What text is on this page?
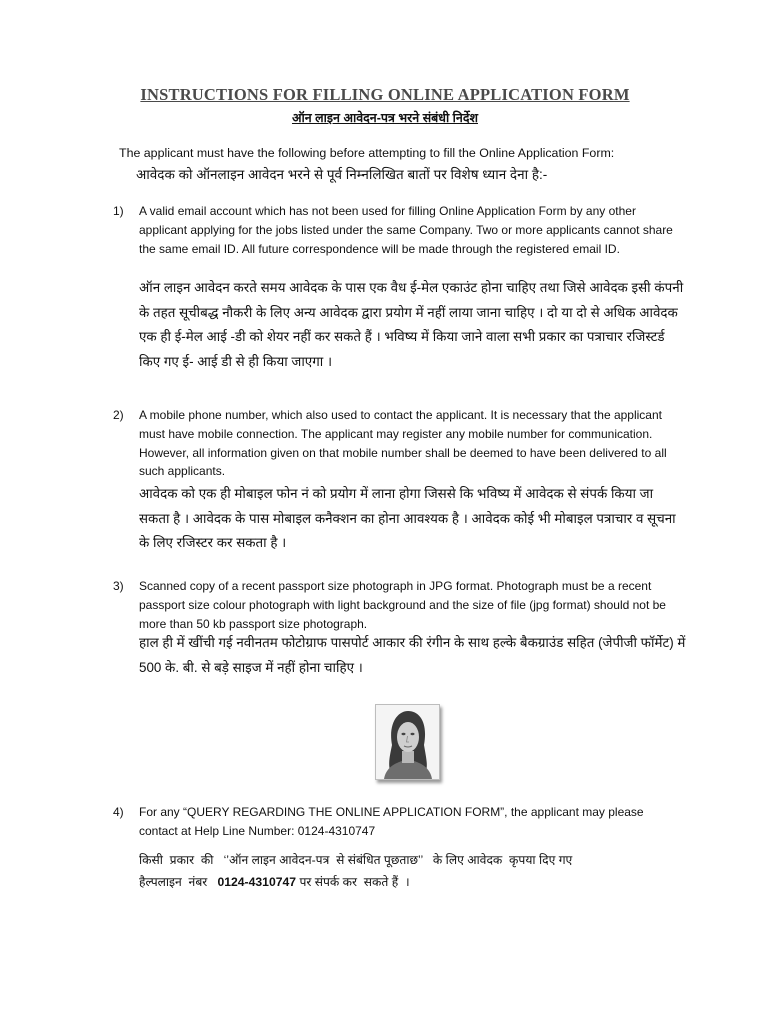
INSTRUCTIONS FOR FILLING ONLINE APPLICATION FORM
ऑन लाइन आवेदन-पत्र भरने संबंधी निर्देश
The applicant must have the following before attempting to fill the Online Application Form:
आवेदक को ऑनलाइन आवेदन भरने से पूर्व निम्नलिखित बातों पर विशेष ध्यान देना है:-
1) A valid email account which has not been used for filling Online Application Form by any other applicant applying for the jobs listed under the same Company. Two or more applicants cannot share the same email ID. All future correspondence will be made through the registered email ID.
ऑन लाइन आवेदन करते समय आवेदक के पास एक वैध ई-मेल एकाउंट होना चाहिए तथा जिसे आवेदक इसी कंपनी के तहत सूचीबद्ध नौकरी के लिए अन्य आवेदक द्वारा प्रयोग में नहीं लाया जाना चाहिए । दो या दो से अधिक आवेदक एक ही ई-मेल आई -डी को शेयर नहीं कर सकते हैं । भविष्य में किया जाने वाला सभी प्रकार का पत्राचार रजिस्टर्ड किए गए ई- आई डी से ही किया जाएगा ।
2) A mobile phone number, which also used to contact the applicant. It is necessary that the applicant must have mobile connection. The applicant may register any mobile number for communication. However, all information given on that mobile number shall be deemed to have been delivered to all such applicants.
आवेदक को एक ही मोबाइल फोन नं को प्रयोग में लाना होगा जिससे कि भविष्य में आवेदक से संपर्क किया जा सकता है । आवेदक के पास मोबाइल कनैक्शन का होना आवश्यक है । आवेदक कोई भी मोबाइल पत्राचार व सूचना के लिए रजिस्टर कर सकता है ।
3) Scanned copy of a recent passport size photograph in JPG format. Photograph must be a recent passport size colour photograph with light background and the size of file (jpg format) should not be more than 50 kb passport size photograph.
हाल ही में खींची गई नवीनतम फोटोग्राफ पासपोर्ट आकार की रंगीन के साथ हल्के बैकग्राउंड सहित (जेपीजी फॉर्मेट) में 500 के. बी. से बड़े साइज में नहीं होना चाहिए ।
4) For any “QUERY REGARDING THE ONLINE APPLICATION FORM”, the applicant may please contact at Help Line Number: 0124-4310747
किसी  प्रकार  की   ‘’ऑन लाइन आवेदन-पत्र  से संबंधित पूछताछ’’   के लिए आवेदक  कृपया दिए गए
हैल्पलाइन  नंबर   0124-4310747 पर संपर्क कर  सकते हैं  ।
